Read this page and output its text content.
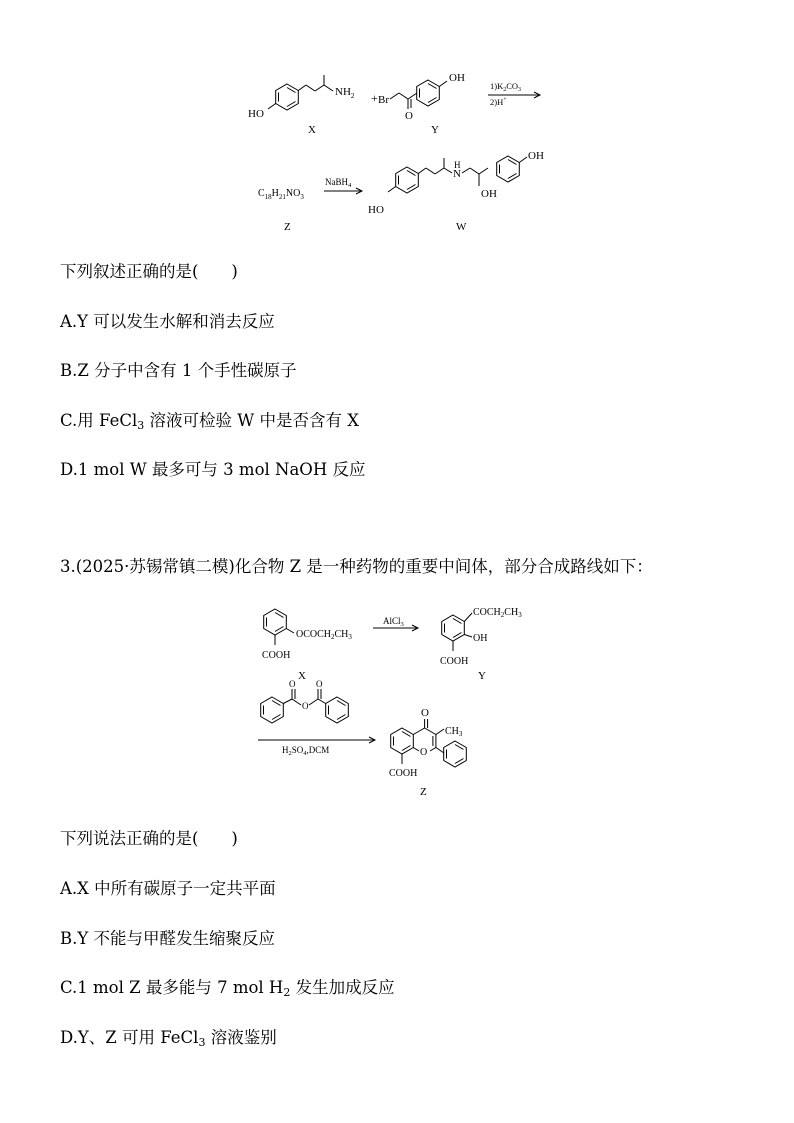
HO
$NH_2$
X
+ Br
O
OH
Y
$1)K_2CO_3$
2)H+
$C_{18}H_{21}NO_3$
Z
NaBH$_4$
HO
H
N
OH
OH
W
下列叙述正确的是(　　)
A.Y 可以发生水解和消去反应
B.Z 分子中含有 1 个手性碳原子
C.用 FeCl$_3$ 溶液可检验 W 中是否含有 X
D.1 mol W 最多可与 3 mol NaOH 反应
3.(2025·苏锡常镇二模)化合物 Z 是一种药物的重要中间体，部分合成路线如下：
$OCOCH_2CH_3$
COOH
X
AlCl$_3$
$COCH_2CH_3$
OH
COOH
Y
O
O
O
$H_2SO_4,DCM$
O
$CH_3$
O
COOH
Z
下列说法正确的是(　　)
A.X 中所有碳原子一定共平面
B.Y 不能与甲醛发生缩聚反应
C.1 mol Z 最多能与 7 mol $H_2$ 发生加成反应
D.Y、Z 可用 FeCl$_3$ 溶液鉴别
